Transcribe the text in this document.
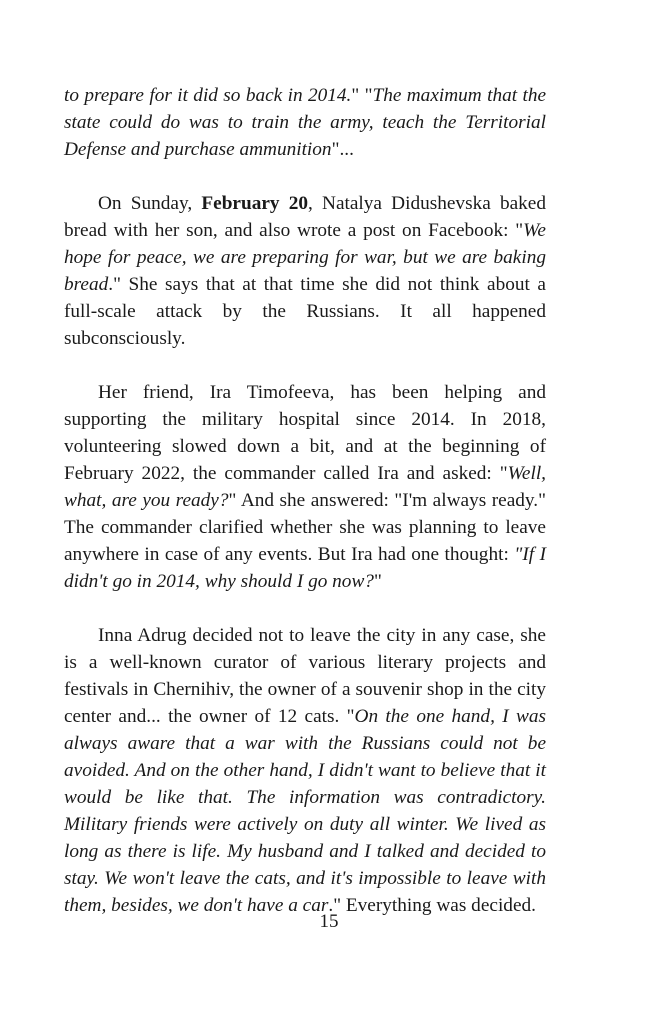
to prepare for it did so back in 2014." "The maximum that the state could do was to train the army, teach the Territorial Defense and purchase ammunition"...

On Sunday, February 20, Natalya Didushevska baked bread with her son, and also wrote a post on Facebook: "We hope for peace, we are preparing for war, but we are baking bread." She says that at that time she did not think about a full-scale attack by the Russians. It all happened subconsciously.

Her friend, Ira Timofeeva, has been helping and supporting the military hospital since 2014. In 2018, volunteering slowed down a bit, and at the beginning of February 2022, the commander called Ira and asked: "Well, what, are you ready?" And she answered: "I'm always ready." The commander clarified whether she was planning to leave anywhere in case of any events. But Ira had one thought: "If I didn't go in 2014, why should I go now?"

Inna Adrug decided not to leave the city in any case, she is a well-known curator of various literary projects and festivals in Chernihiv, the owner of a souvenir shop in the city center and... the owner of 12 cats. "On the one hand, I was always aware that a war with the Russians could not be avoided. And on the other hand, I didn't want to believe that it would be like that. The information was contradictory. Military friends were actively on duty all winter. We lived as long as there is life. My husband and I talked and decided to stay. We won't leave the cats, and it's impossible to leave with them, besides, we don't have a car." Everything was decided.

15
